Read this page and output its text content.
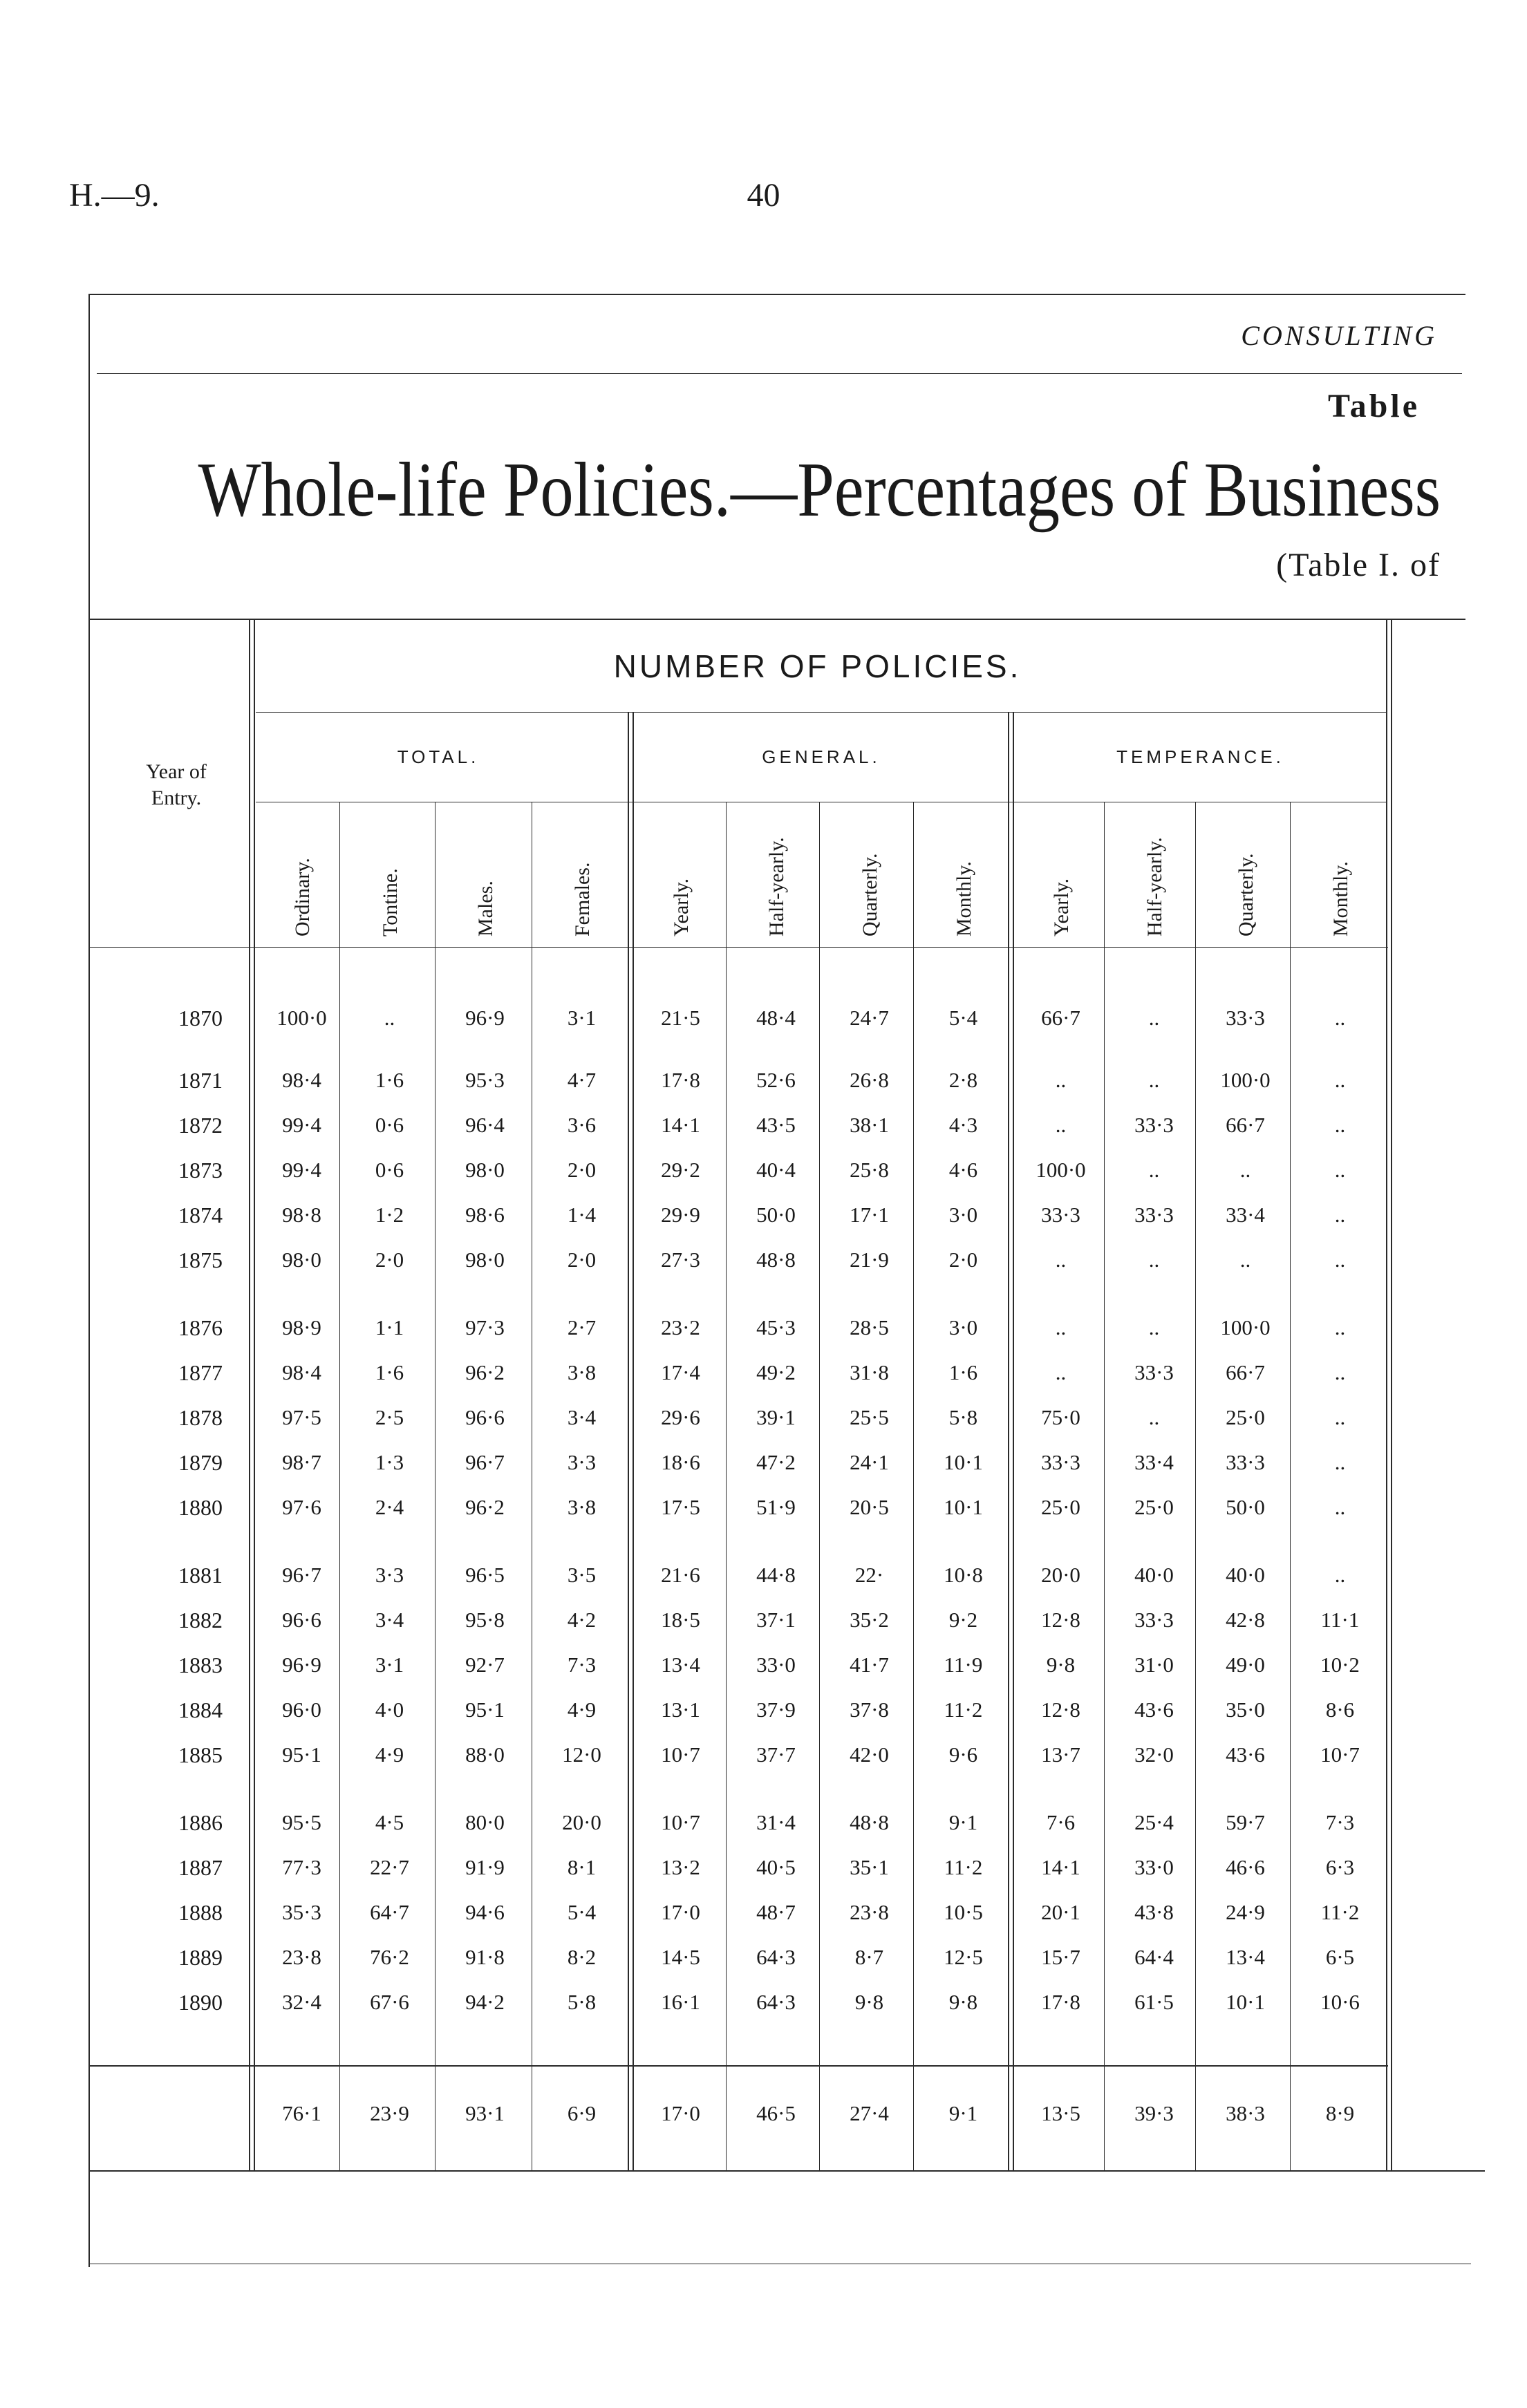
H.—9.	40
CONSULTING
Table
Whole-life Policies.—Percentages of Business
(Table I. of
NUMBER OF POLICIES.
Year of
Entry.
TOTAL.	GENERAL.	TEMPERANCE.
Ordinary.	Tontine.	Males.	Females.	Yearly.	Half-yearly.	Quarterly.	Monthly.	Yearly.	Half-yearly.	Quarterly.	Monthly.
1870	100·0	..	96·9	3·1	21·5	48·4	24·7	5·4	66·7	..	33·3	..
1871	98·4	1·6	95·3	4·7	17·8	52·6	26·8	2·8	..	..	100·0	..
1872	99·4	0·6	96·4	3·6	14·1	43·5	38·1	4·3	..	33·3	66·7	..
1873	99·4	0·6	98·0	2·0	29·2	40·4	25·8	4·6	100·0	..	..	..
1874	98·8	1·2	98·6	1·4	29·9	50·0	17·1	3·0	33·3	33·3	33·4	..
1875	98·0	2·0	98·0	2·0	27·3	48·8	21·9	2·0	..	..	..	..
1876	98·9	1·1	97·3	2·7	23·2	45·3	28·5	3·0	..	..	100·0	..
1877	98·4	1·6	96·2	3·8	17·4	49·2	31·8	1·6	..	33·3	66·7	..
1878	97·5	2·5	96·6	3·4	29·6	39·1	25·5	5·8	75·0	..	25·0	..
1879	98·7	1·3	96·7	3·3	18·6	47·2	24·1	10·1	33·3	33·4	33·3	..
1880	97·6	2·4	96·2	3·8	17·5	51·9	20·5	10·1	25·0	25·0	50·0	..
1881	96·7	3·3	96·5	3·5	21·6	44·8	22·	10·8	20·0	40·0	40·0	..
1882	96·6	3·4	95·8	4·2	18·5	37·1	35·2	9·2	12·8	33·3	42·8	11·1
1883	96·9	3·1	92·7	7·3	13·4	33·0	41·7	11·9	9·8	31·0	49·0	10·2
1884	96·0	4·0	95·1	4·9	13·1	37·9	37·8	11·2	12·8	43·6	35·0	8·6
1885	95·1	4·9	88·0	12·0	10·7	37·7	42·0	9·6	13·7	32·0	43·6	10·7
1886	95·5	4·5	80·0	20·0	10·7	31·4	48·8	9·1	7·6	25·4	59·7	7·3
1887	77·3	22·7	91·9	8·1	13·2	40·5	35·1	11·2	14·1	33·0	46·6	6·3
1888	35·3	64·7	94·6	5·4	17·0	48·7	23·8	10·5	20·1	43·8	24·9	11·2
1889	23·8	76·2	91·8	8·2	14·5	64·3	8·7	12·5	15·7	64·4	13·4	6·5
1890	32·4	67·6	94·2	5·8	16·1	64·3	9·8	9·8	17·8	61·5	10·1	10·6
76·1	23·9	93·1	6·9	17·0	46·5	27·4	9·1	13·5	39·3	38·3	8·9
